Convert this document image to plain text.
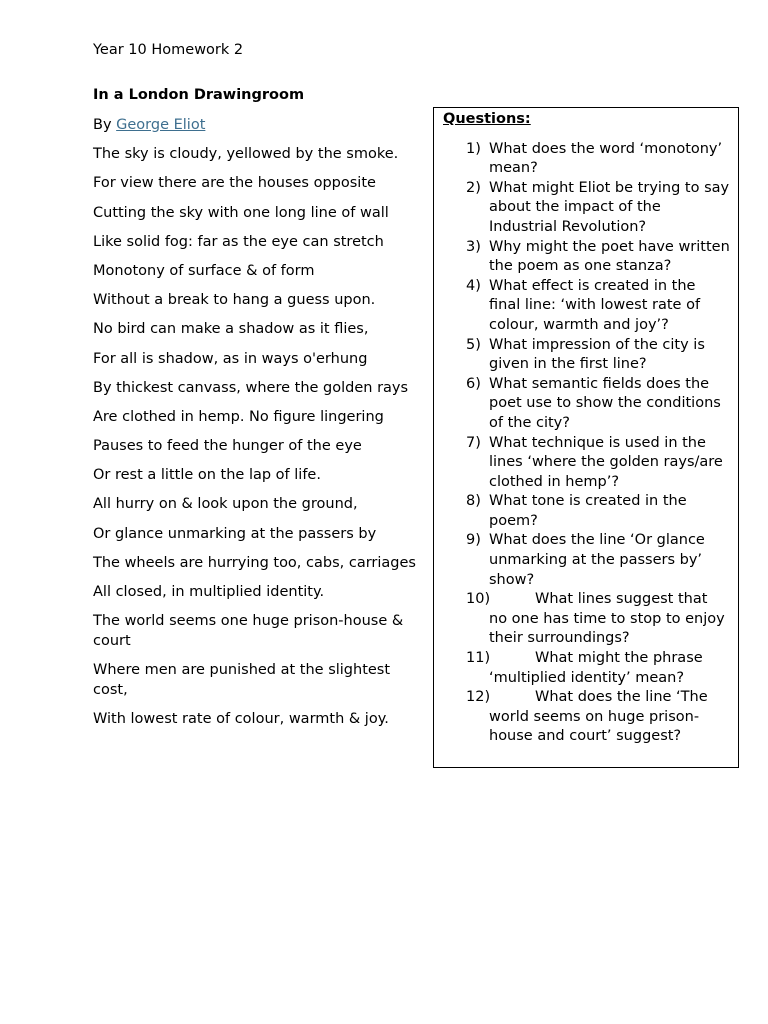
Year 10 Homework 2
In a London Drawingroom
By George Eliot
The sky is cloudy, yellowed by the smoke.
For view there are the houses opposite
Cutting the sky with one long line of wall
Like solid fog: far as the eye can stretch
Monotony of surface & of form
Without a break to hang a guess upon.
No bird can make a shadow as it flies,
For all is shadow, as in ways o'erhung
By thickest canvass, where the golden rays
Are clothed in hemp. No figure lingering
Pauses to feed the hunger of the eye
Or rest a little on the lap of life.
All hurry on & look upon the ground,
Or glance unmarking at the passers by
The wheels are hurrying too, cabs, carriages
All closed, in multiplied identity.
The world seems one huge prison-house & court
Where men are punished at the slightest cost,
With lowest rate of colour, warmth & joy.
Questions:
1) What does the word ‘monotony’ mean?
2) What might Eliot be trying to say about the impact of the Industrial Revolution?
3) Why might the poet have written the poem as one stanza?
4) What effect is created in the final line: ‘with lowest rate of colour, warmth and joy’?
5) What impression of the city is given in the first line?
6) What semantic fields does the poet use to show the conditions of the city?
7) What technique is used in the lines ‘where the golden rays/are clothed in hemp’?
8) What tone is created in the poem?
9) What does the line ‘Or glance unmarking at the passers by’ show?
10)	What lines suggest that no one has time to stop to enjoy their surroundings?
11)	What might the phrase ‘multiplied identity’ mean?
12)	What does the line ‘The world seems on huge prison-house and court’ suggest?
